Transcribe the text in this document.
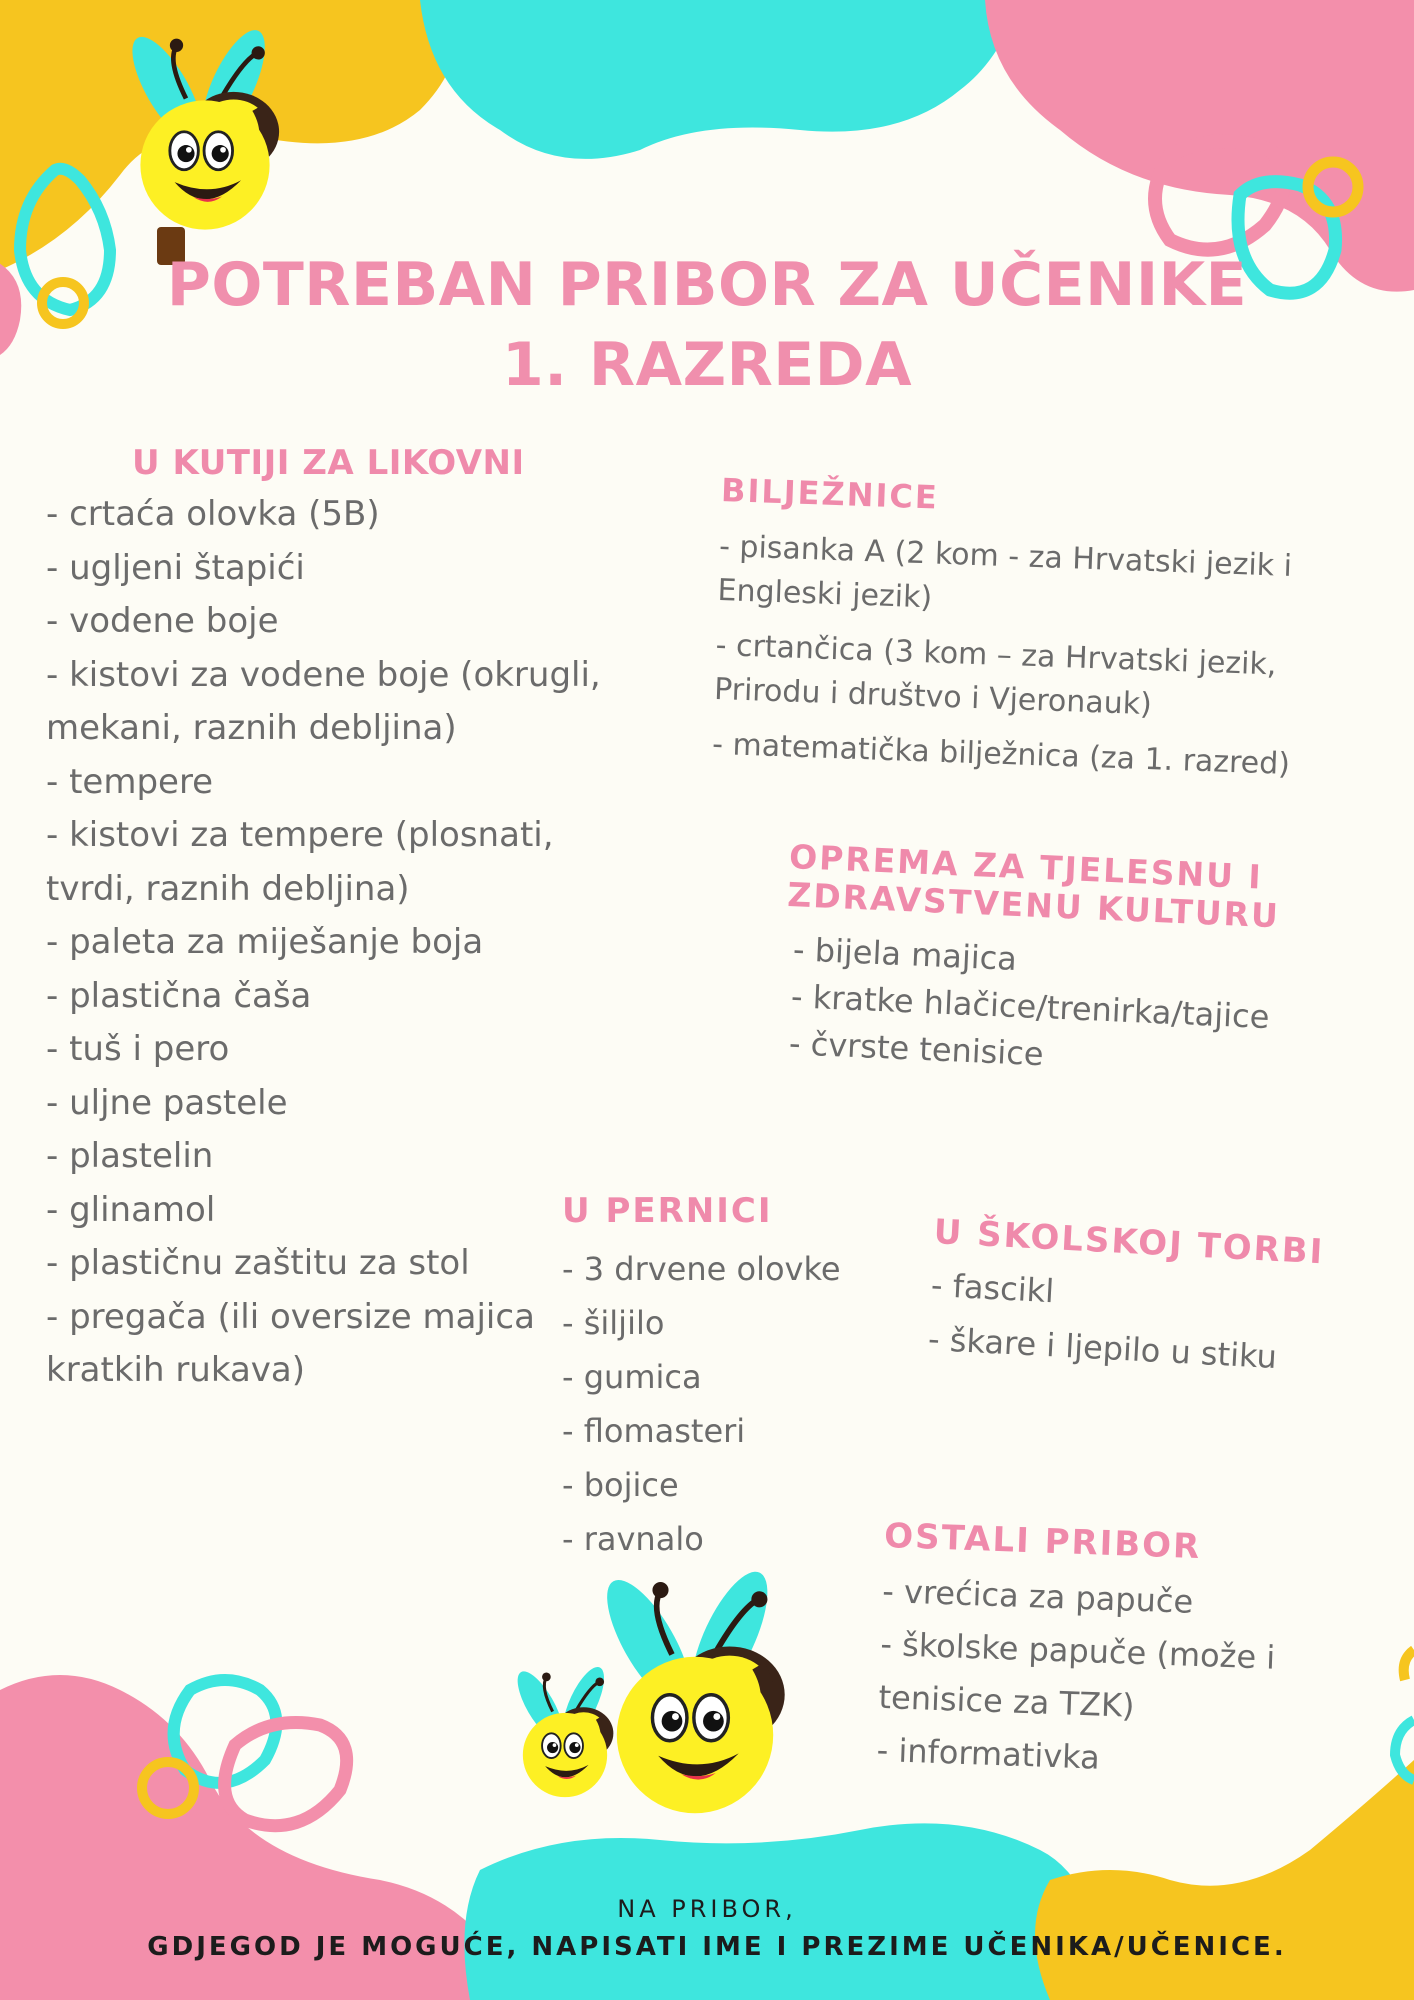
POTREBAN PRIBOR ZA UČENIKE
1. RAZREDA
U KUTIJI ZA LIKOVNI
- crtaća olovka (5B)
- ugljeni štapići
- vodene boje
- kistovi za vodene boje (okrugli, mekani, raznih debljina)
- tempere
- kistovi za tempere (plosnati, tvrdi, raznih debljina)
- paleta za miješanje boja
- plastična čaša
- tuš i pero
- uljne pastele
- plastelin
- glinamol
- plastičnu zaštitu za stol
- pregača (ili oversize majica kratkih rukava)
BILJEŽNICE
- pisanka A (2 kom - za Hrvatski jezik i Engleski jezik)
- crtančica (3 kom – za Hrvatski jezik, Prirodu i društvo i Vjeronauk)
- matematička bilježnica (za 1. razred)
OPREMA ZA TJELESNU I ZDRAVSTVENU KULTURU
- bijela majica
- kratke hlačice/trenirka/tajice
- čvrste tenisice
U PERNICI
- 3 drvene olovke
- šiljilo
- gumica
- flomasteri
- bojice
- ravnalo
U ŠKOLSKOJ TORBI
- fascikl
- škare i ljepilo u stiku
OSTALI PRIBOR
- vrećica za papuče
- školske papuče (može i tenisice za TZK)
- informativka
NA PRIBOR,
GDJEGOD JE MOGUĆE, NAPISATI IME I PREZIME UČENIKA/UČENICE.
